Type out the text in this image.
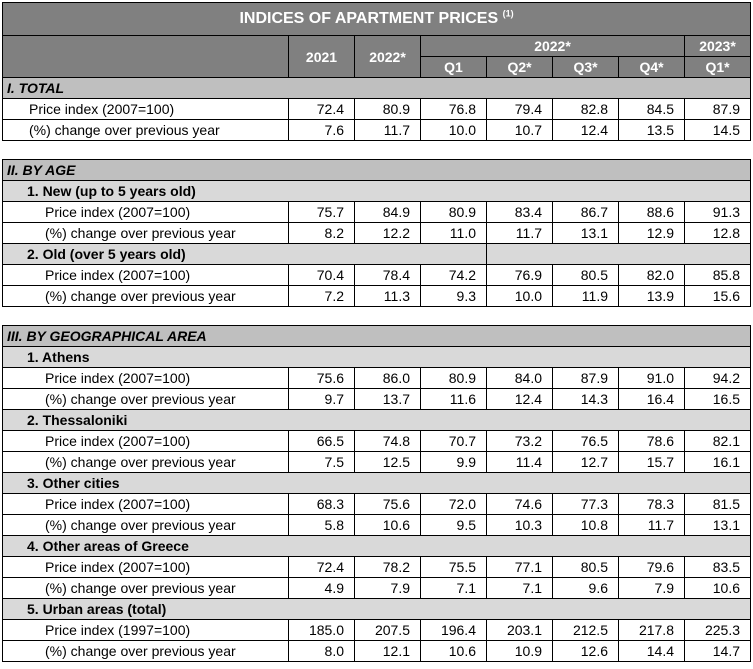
INDICES OF APARTMENT PRICES $^{(1)}$
	2021	2022*	2022*				2023*
			Q1	Q2*	Q3*	Q4*	Q1*
I. TOTAL							
Price index (2007=100)	72.4	80.9	76.8	79.4	82.8	84.5	87.9
(%) change over previous year	7.6	11.7	10.0	10.7	12.4	13.5	14.5

II. BY AGE							
1. New (up to 5 years old)							
Price index (2007=100)	75.7	84.9	80.9	83.4	86.7	88.6	91.3
(%) change over previous year	8.2	12.2	11.0	11.7	13.1	12.9	12.8
2. Old (over 5 years old)							
Price index (2007=100)	70.4	78.4	74.2	76.9	80.5	82.0	85.8
(%) change over previous year	7.2	11.3	9.3	10.0	11.9	13.9	15.6

III. BY GEOGRAPHICAL AREA							
1. Athens							
Price index (2007=100)	75.6	86.0	80.9	84.0	87.9	91.0	94.2
(%) change over previous year	9.7	13.7	11.6	12.4	14.3	16.4	16.5
2. Thessaloniki							
Price index (2007=100)	66.5	74.8	70.7	73.2	76.5	78.6	82.1
(%) change over previous year	7.5	12.5	9.9	11.4	12.7	15.7	16.1
3. Other cities							
Price index (2007=100)	68.3	75.6	72.0	74.6	77.3	78.3	81.5
(%) change over previous year	5.8	10.6	9.5	10.3	10.8	11.7	13.1
4. Other areas of Greece							
Price index (2007=100)	72.4	78.2	75.5	77.1	80.5	79.6	83.5
(%) change over previous year	4.9	7.9	7.1	7.1	9.6	7.9	10.6
5. Urban areas (total)							
Price index (1997=100)	185.0	207.5	196.4	203.1	212.5	217.8	225.3
(%) change over previous year	8.0	12.1	10.6	10.9	12.6	14.4	14.7
